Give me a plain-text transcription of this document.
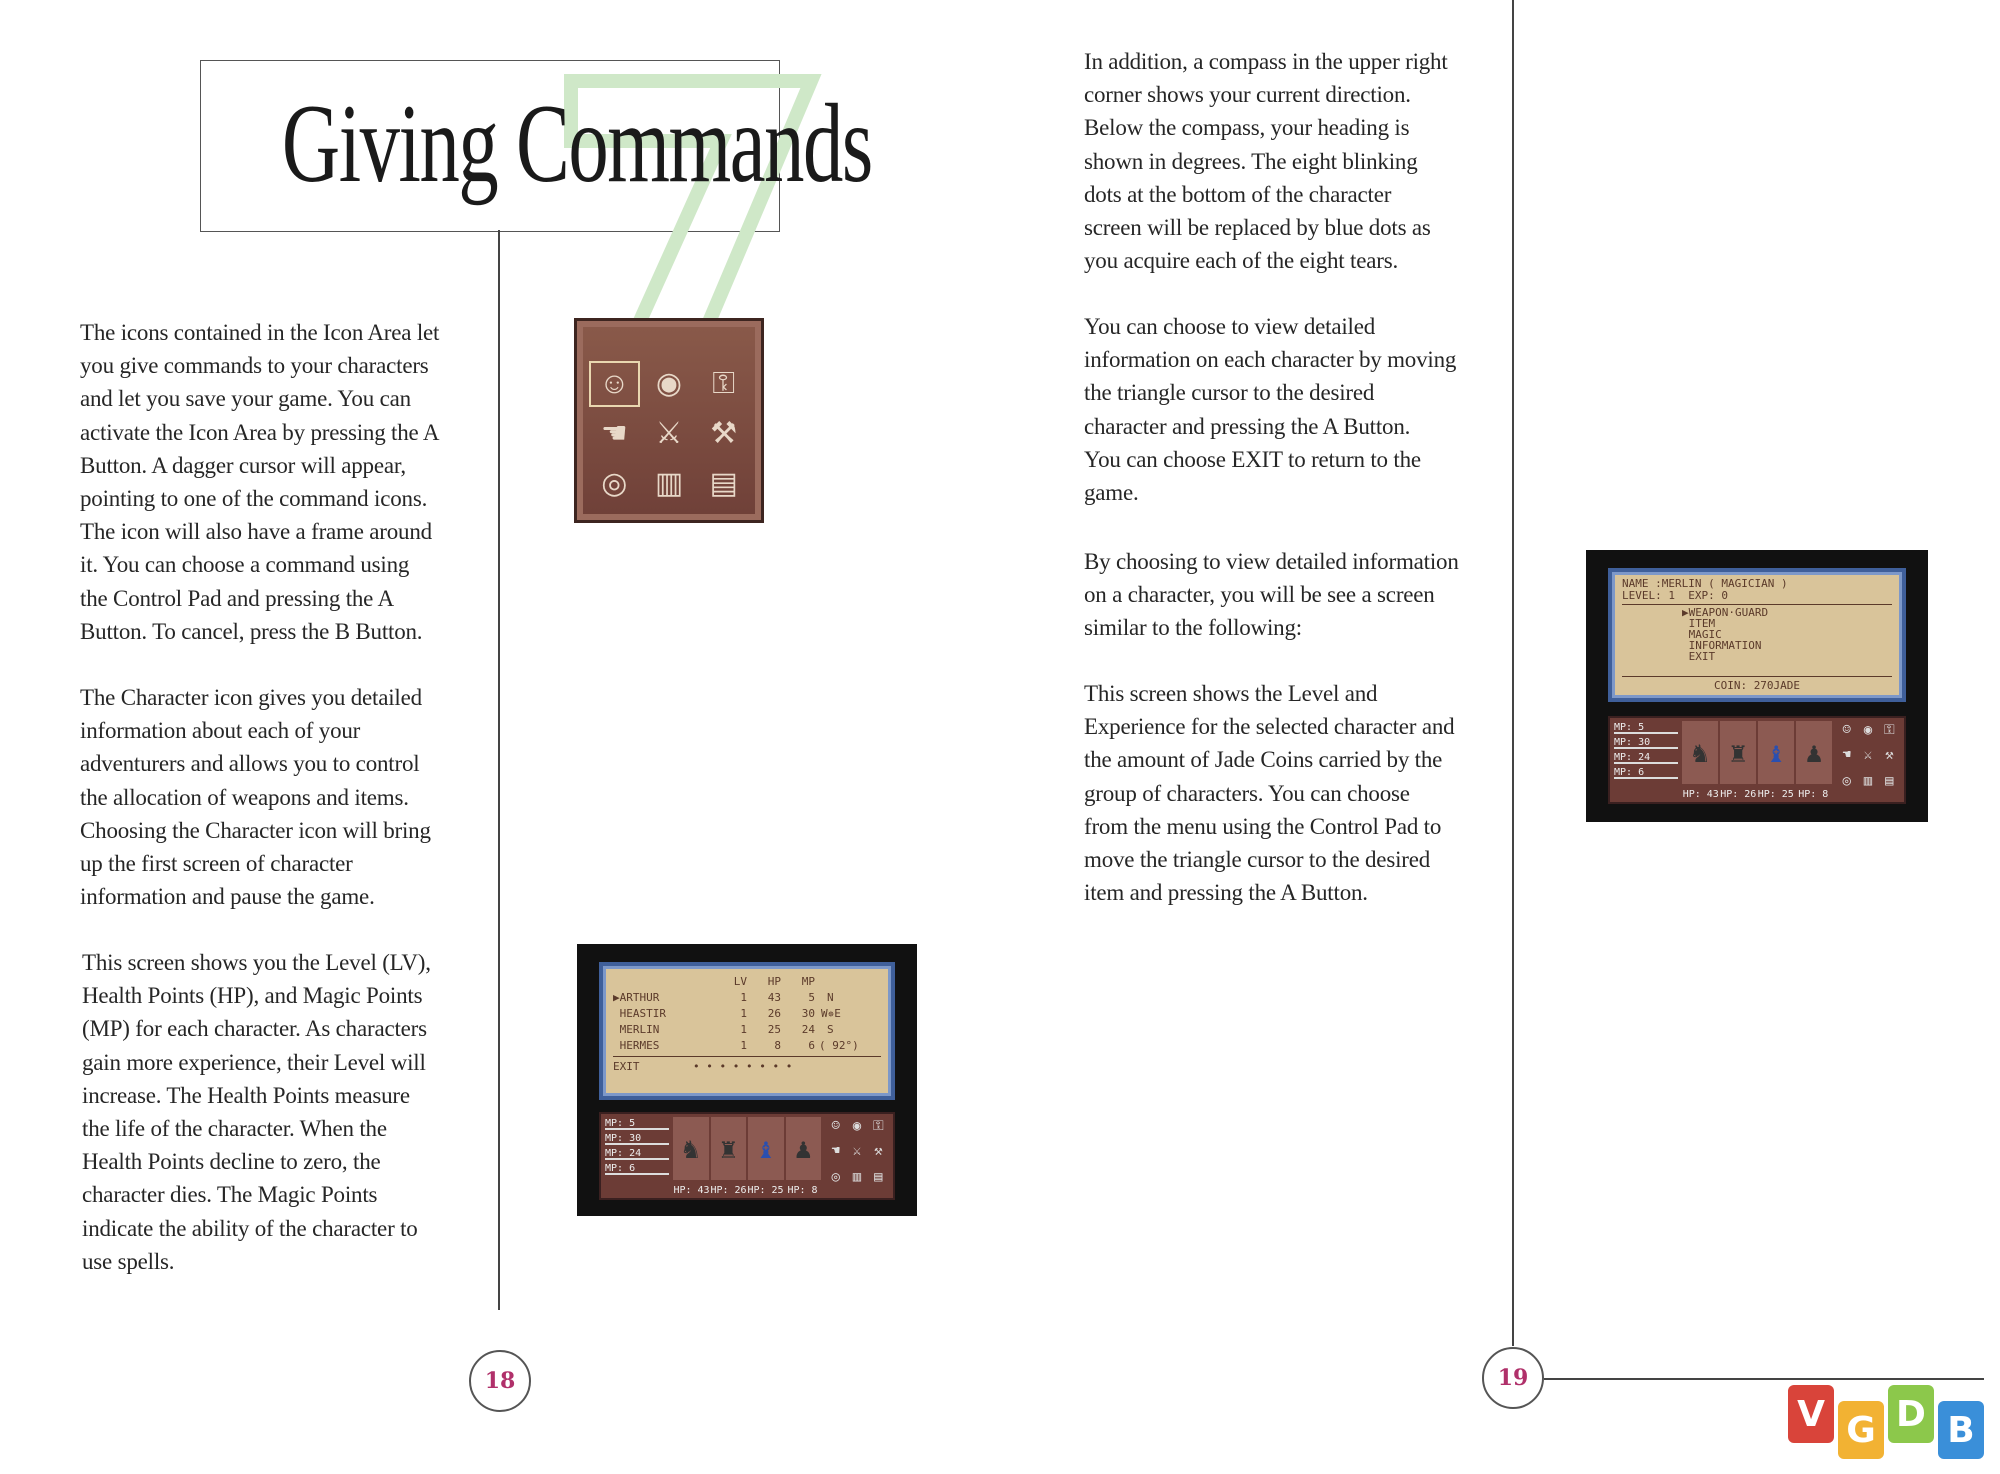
Giving Commands
The icons contained in the Icon Area let
you give commands to your characters
and let you save your game. You can
activate the Icon Area by pressing the A
Button. A dagger cursor will appear,
pointing to one of the command icons.
The icon will also have a frame around
it. You can choose a command using
the Control Pad and pressing the A
Button. To cancel, press the B Button.
The Character icon gives you detailed
information about each of your
adventurers and allows you to control
the allocation of weapons and items.
Choosing the Character icon will bring
up the first screen of character
information and pause the game.
This screen shows you the Level (LV),
Health Points (HP), and Magic Points
(MP) for each character. As characters
gain more experience, their Level will
increase. The Health Points measure
the life of the character. When the
Health Points decline to zero, the
character dies. The Magic Points
indicate the ability of the character to
use spells.
☺ ◉	⚿
☚ ⚔ ⚒
◎ ▥ ▤
LV	HP	MP
▶ARTHUR	1	43	5 N
HEASTIR	1	26	30 W ✵ E
MERLIN	1	25	24 S
HERMES	1	8	6 ( 92°)
EXIT	• • • • • • • •
MP: 5
MP: 30
MP: 24
MP: 6
♞ ♜ ♝ ♟
HP: 43 HP: 26 HP: 25 HP: 8
☺ ◉ ⚿
☚ ⚔ ⚒
◎ ▥ ▤
18
In addition, a compass in the upper right
corner shows your current direction.
Below the compass, your heading is
shown in degrees. The eight blinking
dots at the bottom of the character
screen will be replaced by blue dots as
you acquire each of the eight tears.
You can choose to view detailed
information on each character by moving
the triangle cursor to the desired
character and pressing the A Button.
You can choose EXIT to return to the
game.
By choosing to view detailed information
on a character, you will be see a screen
similar to the following:
This screen shows the Level and
Experience for the selected character and
the amount of Jade Coins carried by the
group of characters. You can choose
from the menu using the Control Pad to
move the triangle cursor to the desired
item and pressing the A Button.
NAME :MERLIN ( MAGICIAN )
LEVEL: 1  EXP: 0
▶WEAPON·GUARD
ITEM
MAGIC
INFORMATION
EXIT
COIN: 270JADE
MP: 5
MP: 30
MP: 24
MP: 6
♞ ♜ ♝ ♟
HP: 43 HP: 26 HP: 25 HP: 8
☺ ◉ ⚿
☚ ⚔ ⚒
◎ ▥ ▤
19
V G D B
